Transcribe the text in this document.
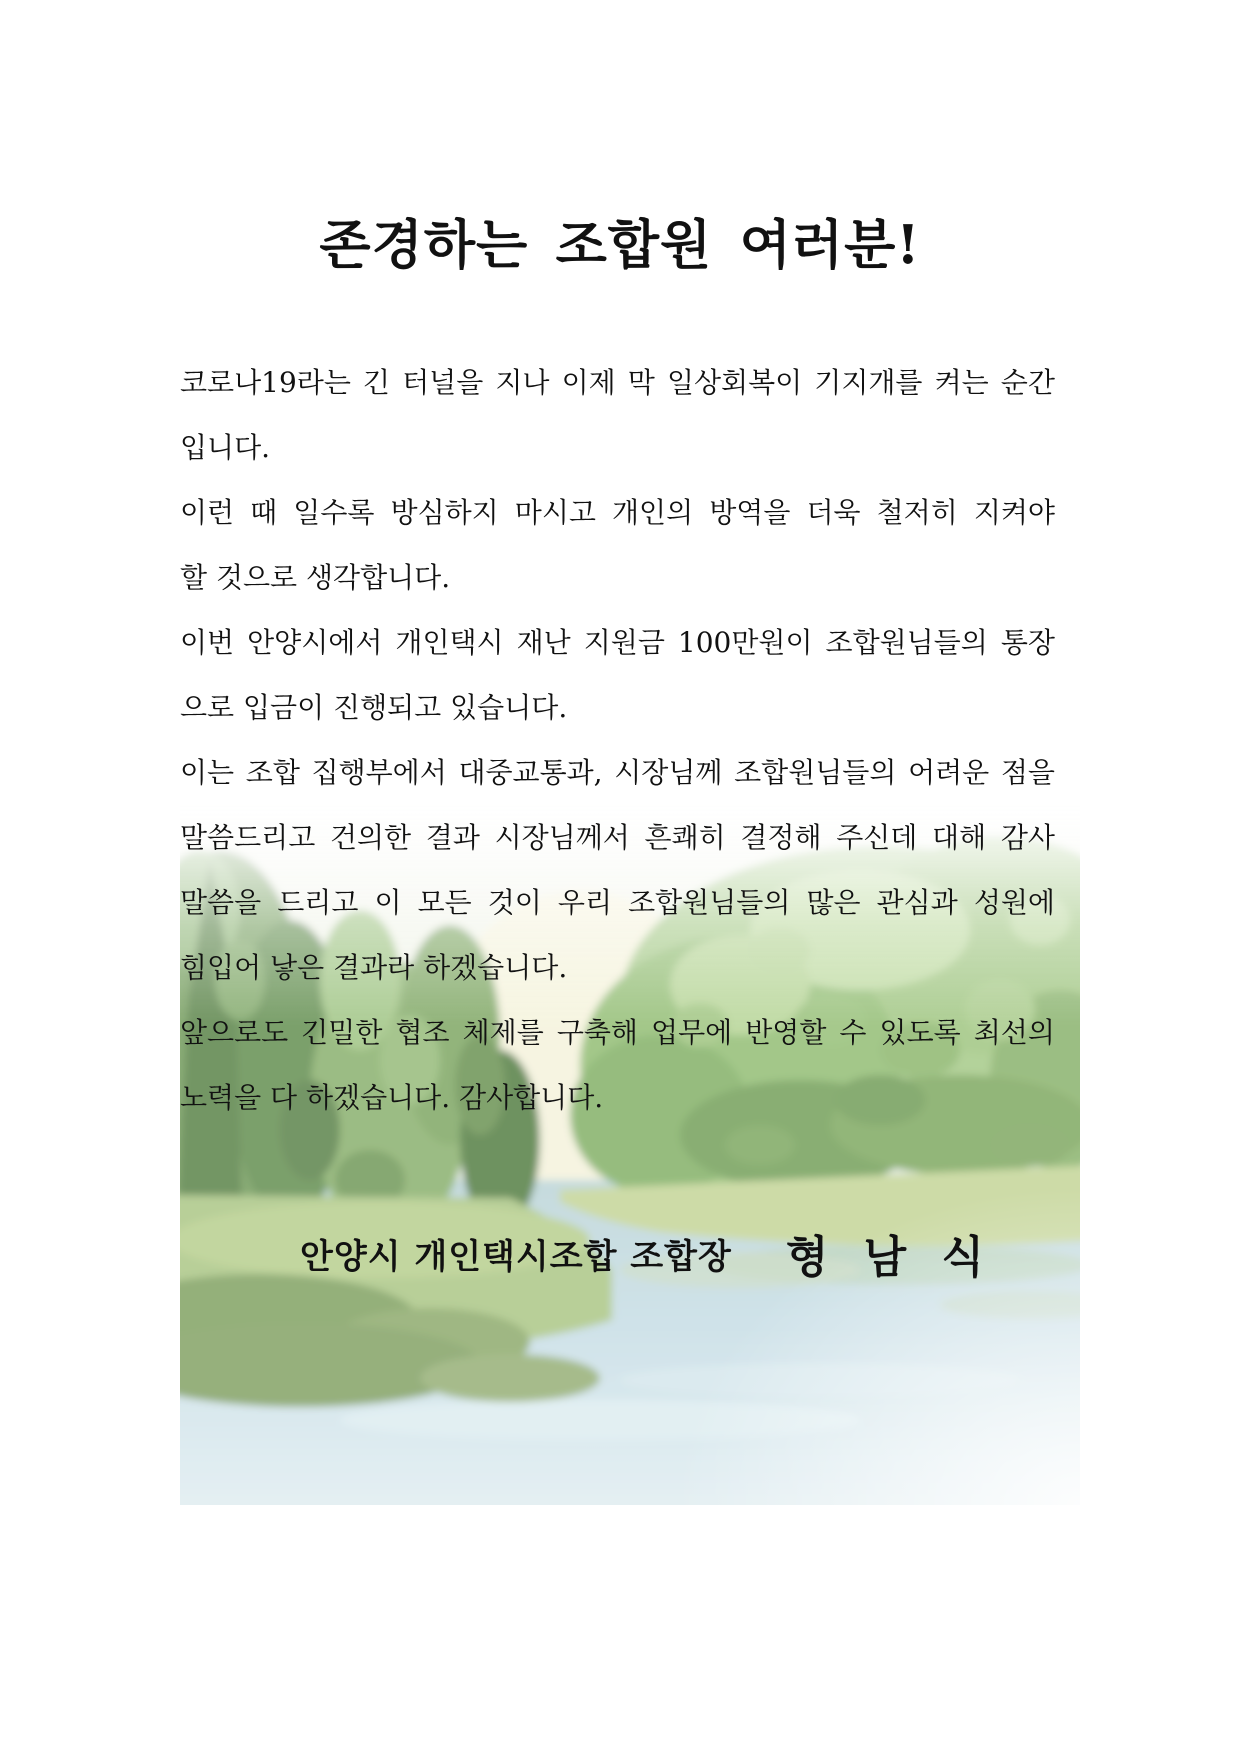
존경하는 조합원 여러분!
코로나19라는 긴 터널을 지나 이제 막 일상회복이 기지개를 켜는 순간
입니다.
이런 때 일수록 방심하지 마시고 개인의 방역을 더욱 철저히 지켜야
할 것으로 생각합니다.
이번 안양시에서 개인택시 재난 지원금 100만원이 조합원님들의 통장
으로 입금이 진행되고 있습니다.
이는 조합 집행부에서 대중교통과, 시장님께 조합원님들의 어려운 점을
말씀드리고 건의한 결과 시장님께서 흔쾌히 결정해 주신데 대해 감사
말씀을 드리고 이 모든 것이 우리 조합원님들의 많은 관심과 성원에
힘입어 낳은 결과라 하겠습니다.
앞으로도 긴밀한 협조 체제를 구축해 업무에 반영할 수 있도록 최선의
노력을 다 하겠습니다. 감사합니다.
안양시 개인택시조합 조합장 형 남 식
